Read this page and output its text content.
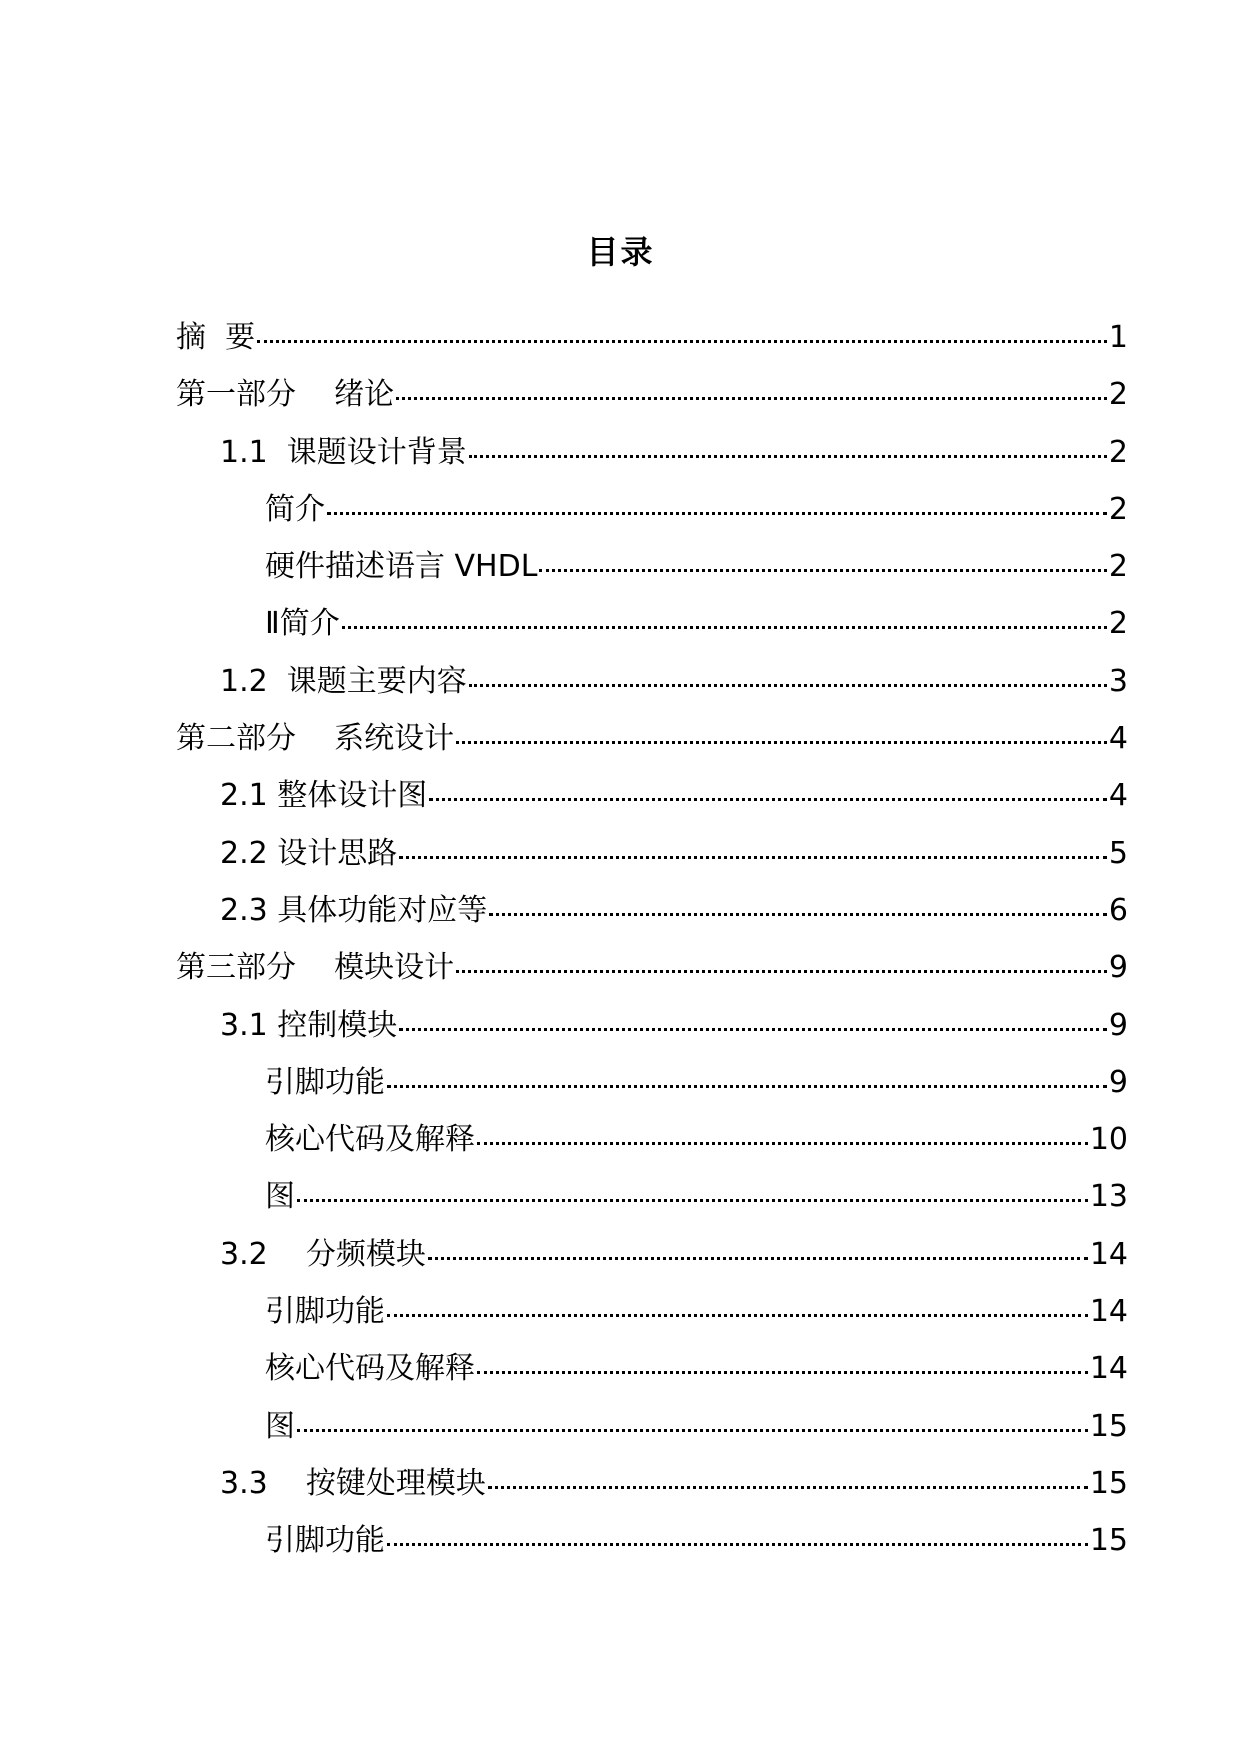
目录
摘  要	1
第一部分    绪论	2
1.1  课题设计背景	2
简介	2
硬件描述语言 VHDL	2
Ⅱ简介	2
1.2  课题主要内容	3
第二部分    系统设计	4
2.1 整体设计图	4
2.2 设计思路	5
2.3 具体功能对应等	6
第三部分    模块设计	9
3.1 控制模块	9
引脚功能	9
核心代码及解释	10
图	13
3.2    分频模块	14
引脚功能	14
核心代码及解释	14
图	15
3.3    按键处理模块	15
引脚功能	15
